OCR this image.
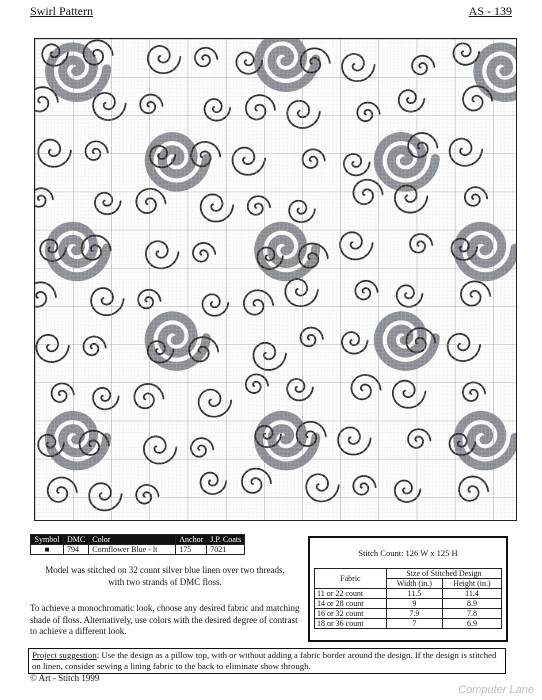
Swirl Pattern	AS - 139
Symbol	DMC	Color	Anchor	J.P. Coats
■	794	Cornflower Blue - lt	175	7021
Model was stitched on 32 count silver blue linen over two threads, with two strands of DMC floss.
To achieve a monochromatic look, choose any desired fabric and matching shade of floss. Alternatively, use colors with the desired degree of contrast to achieve a different look.
Stitch Count: 126 W x 125 H
Fabric	Size of Stitched Design	
	Width (in.)	Height (in.)
11 or 22 count	11.5	11.4
14 or 28 count	9	8.9
16 or 32 count	7.9	7.8
18 or 36 count	7	6.9
Project suggestion: Use the design as a pillow top, with or without adding a fabric border around the design. If the design is stitched on linen, consider sewing a lining fabric to the back to eliminate show through.
© Art - Stitch 1999
Computer Lane
